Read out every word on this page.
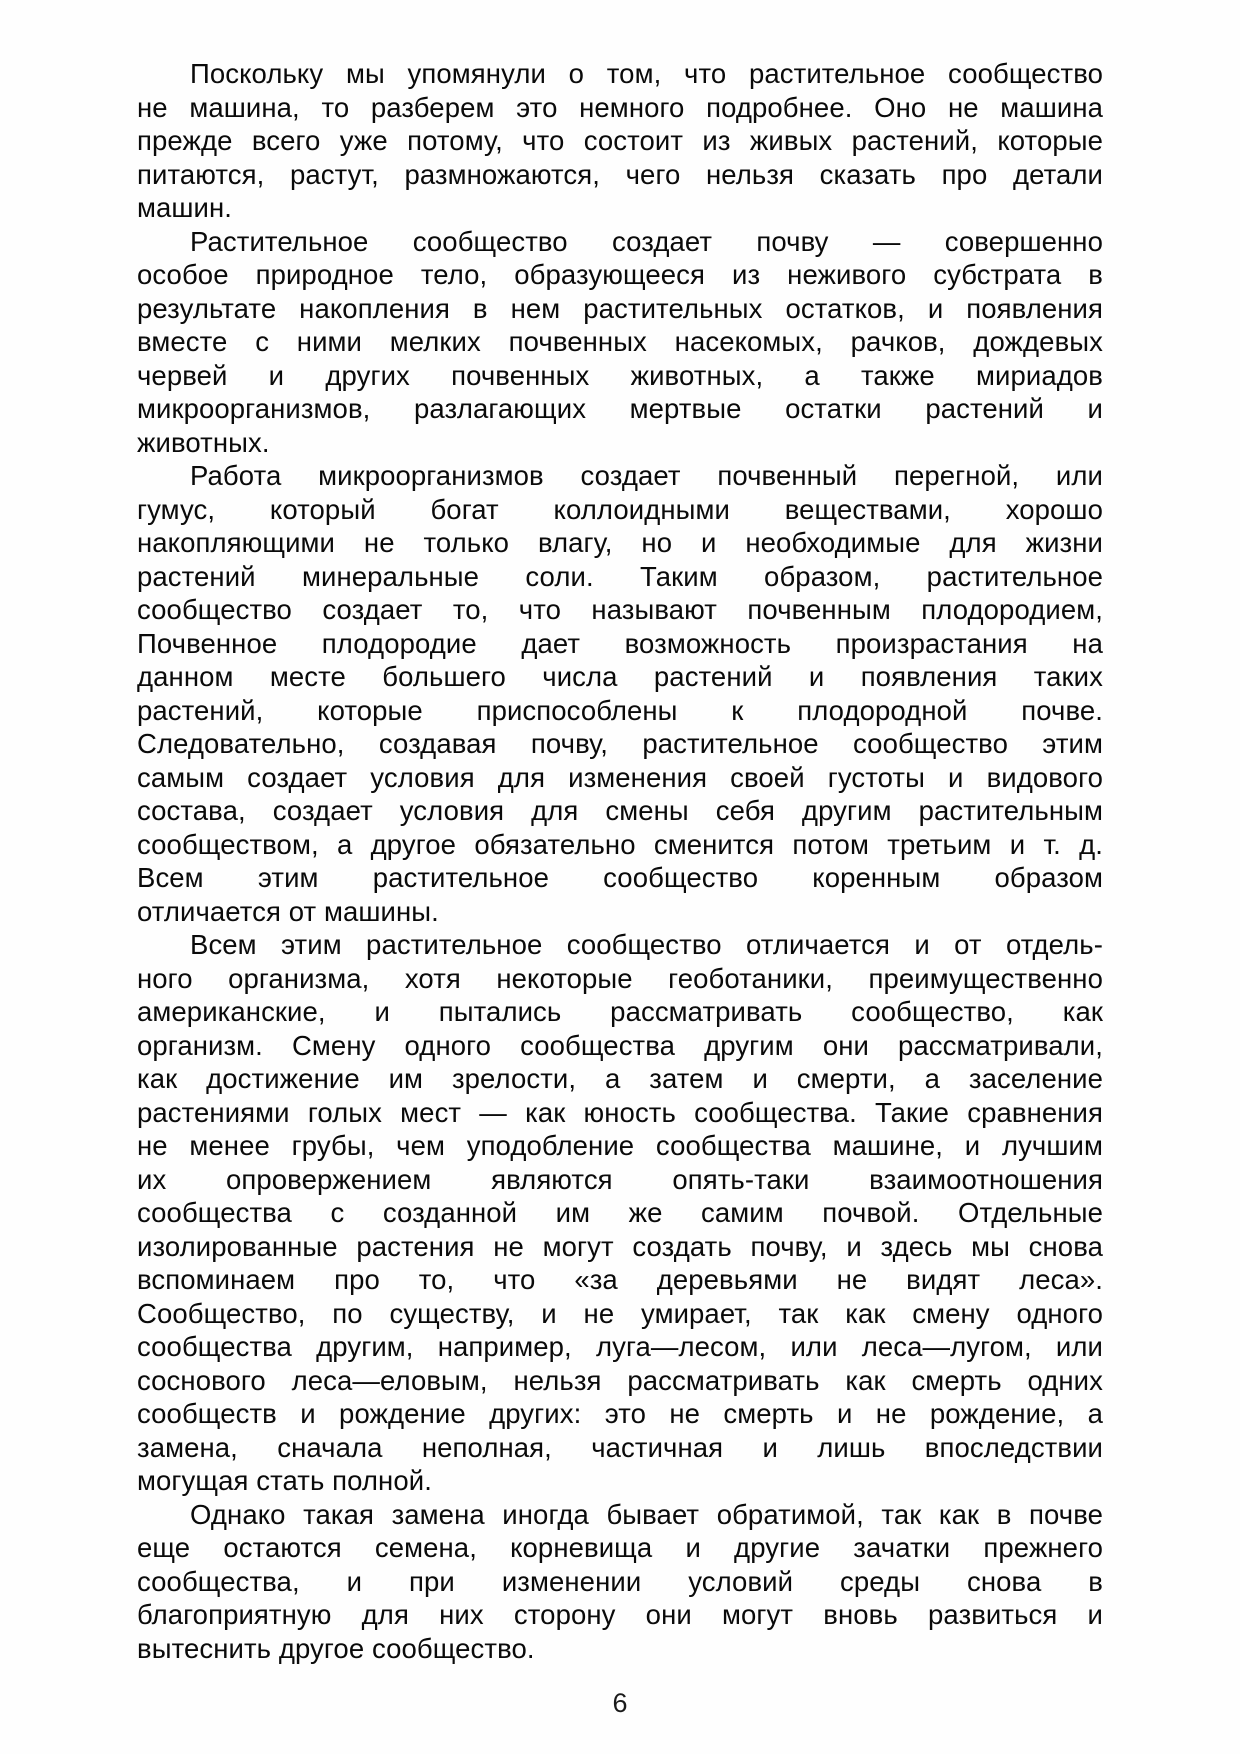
Поскольку мы упомянули о том, что растительное сообщество
не машина, то разберем это немного подробнее. Оно не машина
прежде всего уже потому, что состоит из живых растений, которые
питаются, растут, размножаются, чего нельзя сказать про детали
машин.
Растительное сообщество создает почву — совершенно
особое природное тело, образующееся из неживого субстрата в
результате накопления в нем растительных остатков, и появления
вместе с ними мелких почвенных насекомых, рачков, дождевых
червей и других почвенных животных, а также мириадов
микроорганизмов, разлагающих мертвые остатки растений и
животных.
Работа микроорганизмов создает почвенный перегной, или
гумус, который богат коллоидными веществами, хорошо
накопляющими не только влагу, но и необходимые для жизни
растений минеральные соли. Таким образом, растительное
сообщество создает то, что называют почвенным плодородием,
Почвенное плодородие дает возможность произрастания на
данном месте большего числа растений и появления таких
растений, которые приспособлены к плодородной почве.
Следовательно, создавая почву, растительное сообщество этим
самым создает условия для изменения своей густоты и видового
состава, создает условия для смены себя другим растительным
сообществом, а другое обязательно сменится потом третьим и т. д.
Всем этим растительное сообщество коренным образом
отличается от машины.
Всем этим растительное сообщество отличается и от отдель-
ного организма, хотя некоторые геоботаники, преимущественно
американские, и пытались рассматривать сообщество, как
организм. Смену одного сообщества другим они рассматривали,
как достижение им зрелости, а затем и смерти, а заселение
растениями голых мест — как юность сообщества. Такие сравнения
не менее грубы, чем уподобление сообщества машине, и лучшим
их опровержением являются опять-таки взаимоотношения
сообщества с созданной им же самим почвой. Отдельные
изолированные растения не могут создать почву, и здесь мы снова
вспоминаем про то, что «за деревьями не видят леса».
Сообщество, по существу, и не умирает, так как смену одного
сообщества другим, например, луга—лесом, или леса—лугом, или
соснового леса—еловым, нельзя рассматривать как смерть одних
сообществ и рождение других: это не смерть и не рождение, а
замена, сначала неполная, частичная и лишь впоследствии
могущая стать полной.
Однако такая замена иногда бывает обратимой, так как в почве
еще остаются семена, корневища и другие зачатки прежнего
сообщества, и при изменении условий среды снова в
благоприятную для них сторону они могут вновь развиться и
вытеснить другое сообщество.
6
